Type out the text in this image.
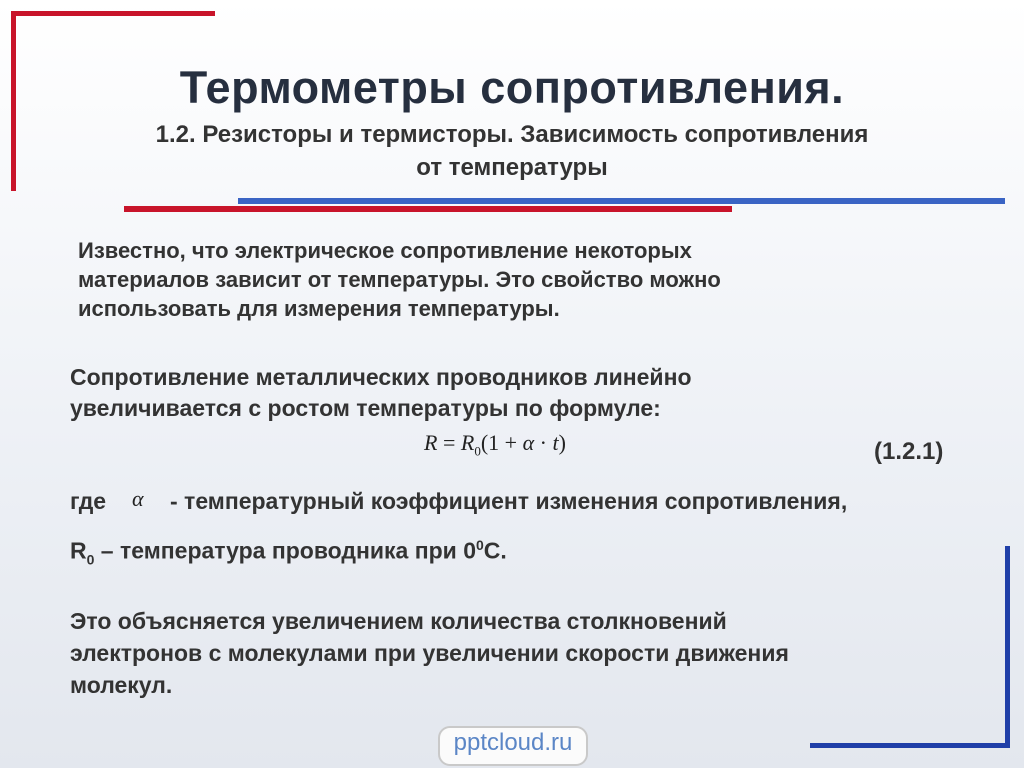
Термометры сопротивления.
1.2. Резисторы и термисторы. Зависимость сопротивления
от температуры
Известно, что электрическое сопротивление некоторых
материалов зависит от температуры. Это свойство можно
использовать для измерения температуры.
Сопротивление металлических проводников линейно
увеличивается с ростом температуры по формуле:
$R = R_0(1 + \alpha \cdot t)$	(1.2.1)
где α - температурный коэффициент изменения сопротивления,
$R_0$ – температура проводника при $0^0С$.
Это объясняется увеличением количества столкновений
электронов с молекулами при увеличении скорости движения
молекул.
pptcloud.ru
